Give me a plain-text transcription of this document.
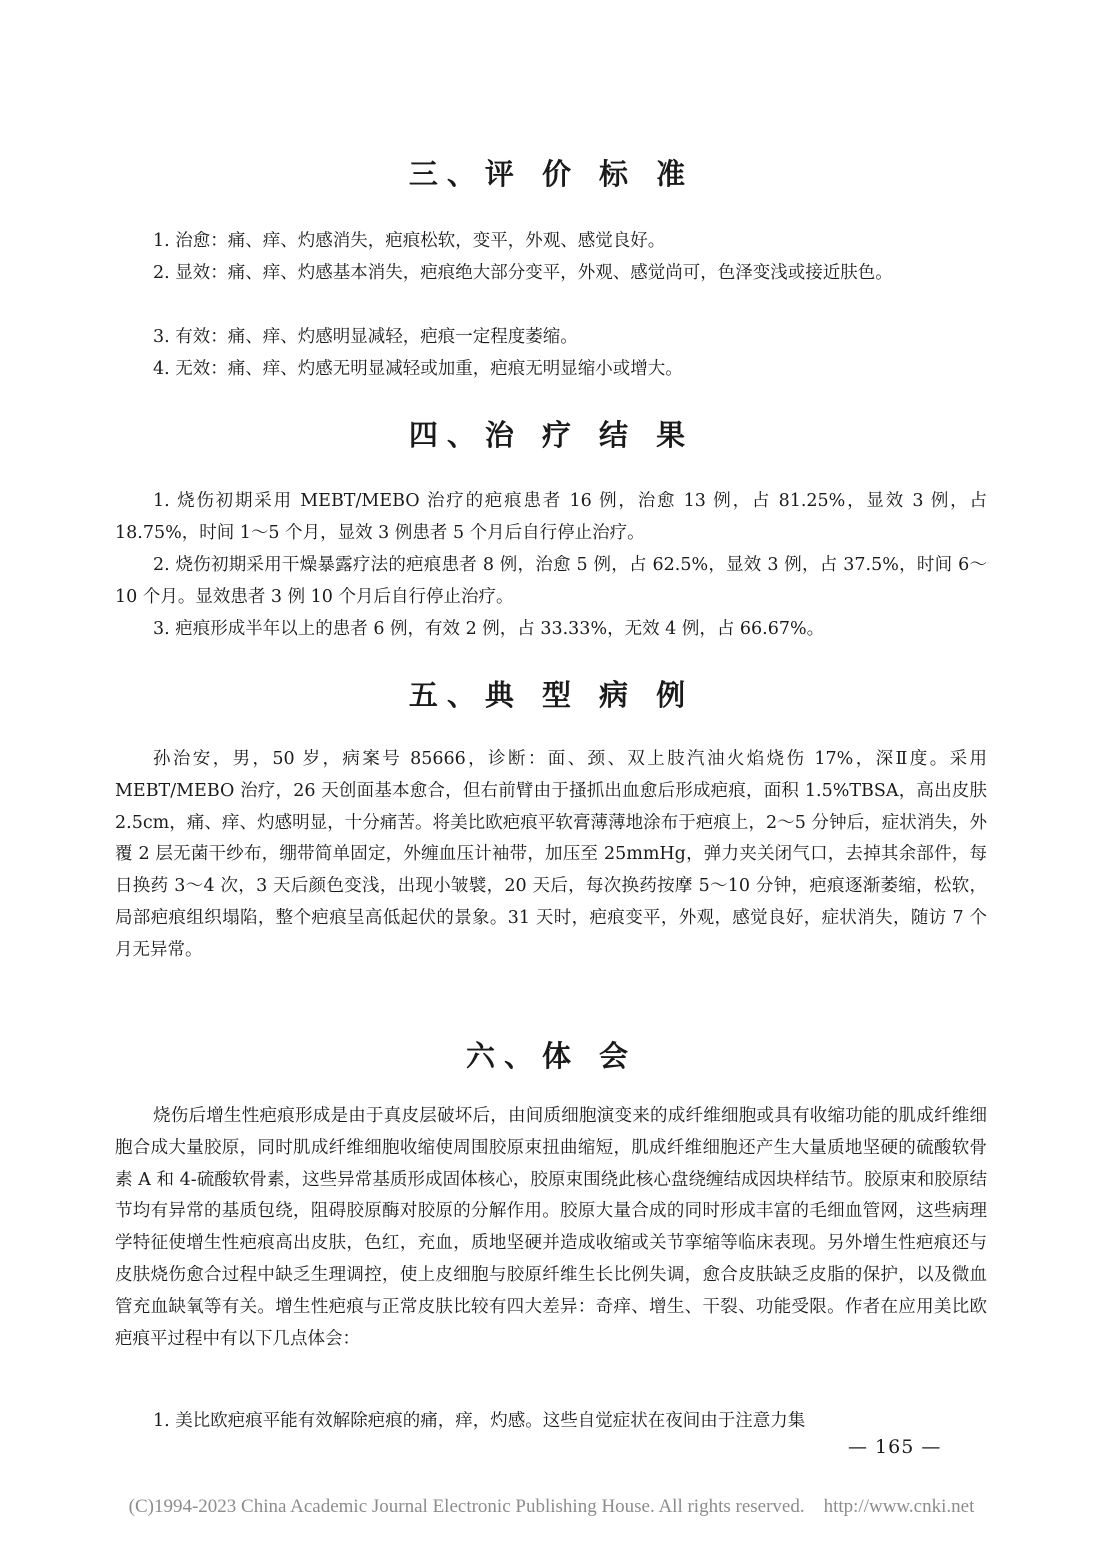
三、评 价 标 准

1. 治愈：痛、痒、灼感消失，疤痕松软，变平，外观、感觉良好。

2. 显效：痛、痒、灼感基本消失，疤痕绝大部分变平，外观、感觉尚可，色泽变浅或接近肤色。

3. 有效：痛、痒、灼感明显减轻，疤痕一定程度萎缩。

4. 无效：痛、痒、灼感无明显减轻或加重，疤痕无明显缩小或增大。

四、治 疗 结 果

1. 烧伤初期采用 MEBT/MEBO 治疗的疤痕患者 16 例，治愈 13 例，占 81.25%，显效 3 例，占 18.75%，时间 1～5 个月，显效 3 例患者 5 个月后自行停止治疗。

2. 烧伤初期采用干燥暴露疗法的疤痕患者 8 例，治愈 5 例，占 62.5%，显效 3 例，占 37.5%，时间 6～10 个月。显效患者 3 例 10 个月后自行停止治疗。

3. 疤痕形成半年以上的患者 6 例，有效 2 例，占 33.33%，无效 4 例，占 66.67%。

五、典 型 病 例

孙治安，男，50 岁，病案号 85666，诊断：面、颈、双上肢汽油火焰烧伤 17%，深Ⅱ度。采用 MEBT/MEBO 治疗，26 天创面基本愈合，但右前臂由于搔抓出血愈后形成疤痕，面积 1.5%TBSA，高出皮肤 2.5cm，痛、痒、灼感明显，十分痛苦。将美比欧疤痕平软膏薄薄地涂布于疤痕上，2～5 分钟后，症状消失，外覆 2 层无菌干纱布，绷带简单固定，外缠血压计袖带，加压至 25mmHg，弹力夹关闭气口，去掉其余部件，每日换药 3～4 次，3 天后颜色变浅，出现小皱襞，20 天后，每次换药按摩 5～10 分钟，疤痕逐渐萎缩，松软，局部疤痕组织塌陷，整个疤痕呈高低起伏的景象。31 天时，疤痕变平，外观，感觉良好，症状消失，随访 7 个月无异常。

六、体 会

烧伤后增生性疤痕形成是由于真皮层破坏后，由间质细胞演变来的成纤维细胞或具有收缩功能的肌成纤维细胞合成大量胶原，同时肌成纤维细胞收缩使周围胶原束扭曲缩短，肌成纤维细胞还产生大量质地坚硬的硫酸软骨素 A 和 4-硫酸软骨素，这些异常基质形成固体核心，胶原束围绕此核心盘绕缠结成因块样结节。胶原束和胶原结节均有异常的基质包绕，阻碍胶原酶对胶原的分解作用。胶原大量合成的同时形成丰富的毛细血管网，这些病理学特征使增生性疤痕高出皮肤，色红，充血，质地坚硬并造成收缩或关节挛缩等临床表现。另外增生性疤痕还与皮肤烧伤愈合过程中缺乏生理调控，使上皮细胞与胶原纤维生长比例失调，愈合皮肤缺乏皮脂的保护，以及微血管充血缺氧等有关。增生性疤痕与正常皮肤比较有四大差异：奇痒、增生、干裂、功能受限。作者在应用美比欧疤痕平过程中有以下几点体会：

1. 美比欧疤痕平能有效解除疤痕的痛，痒，灼感。这些自觉症状在夜间由于注意力集

— 165 —
(C)1994-2023 China Academic Journal Electronic Publishing House. All rights reserved.    http://www.cnki.net
